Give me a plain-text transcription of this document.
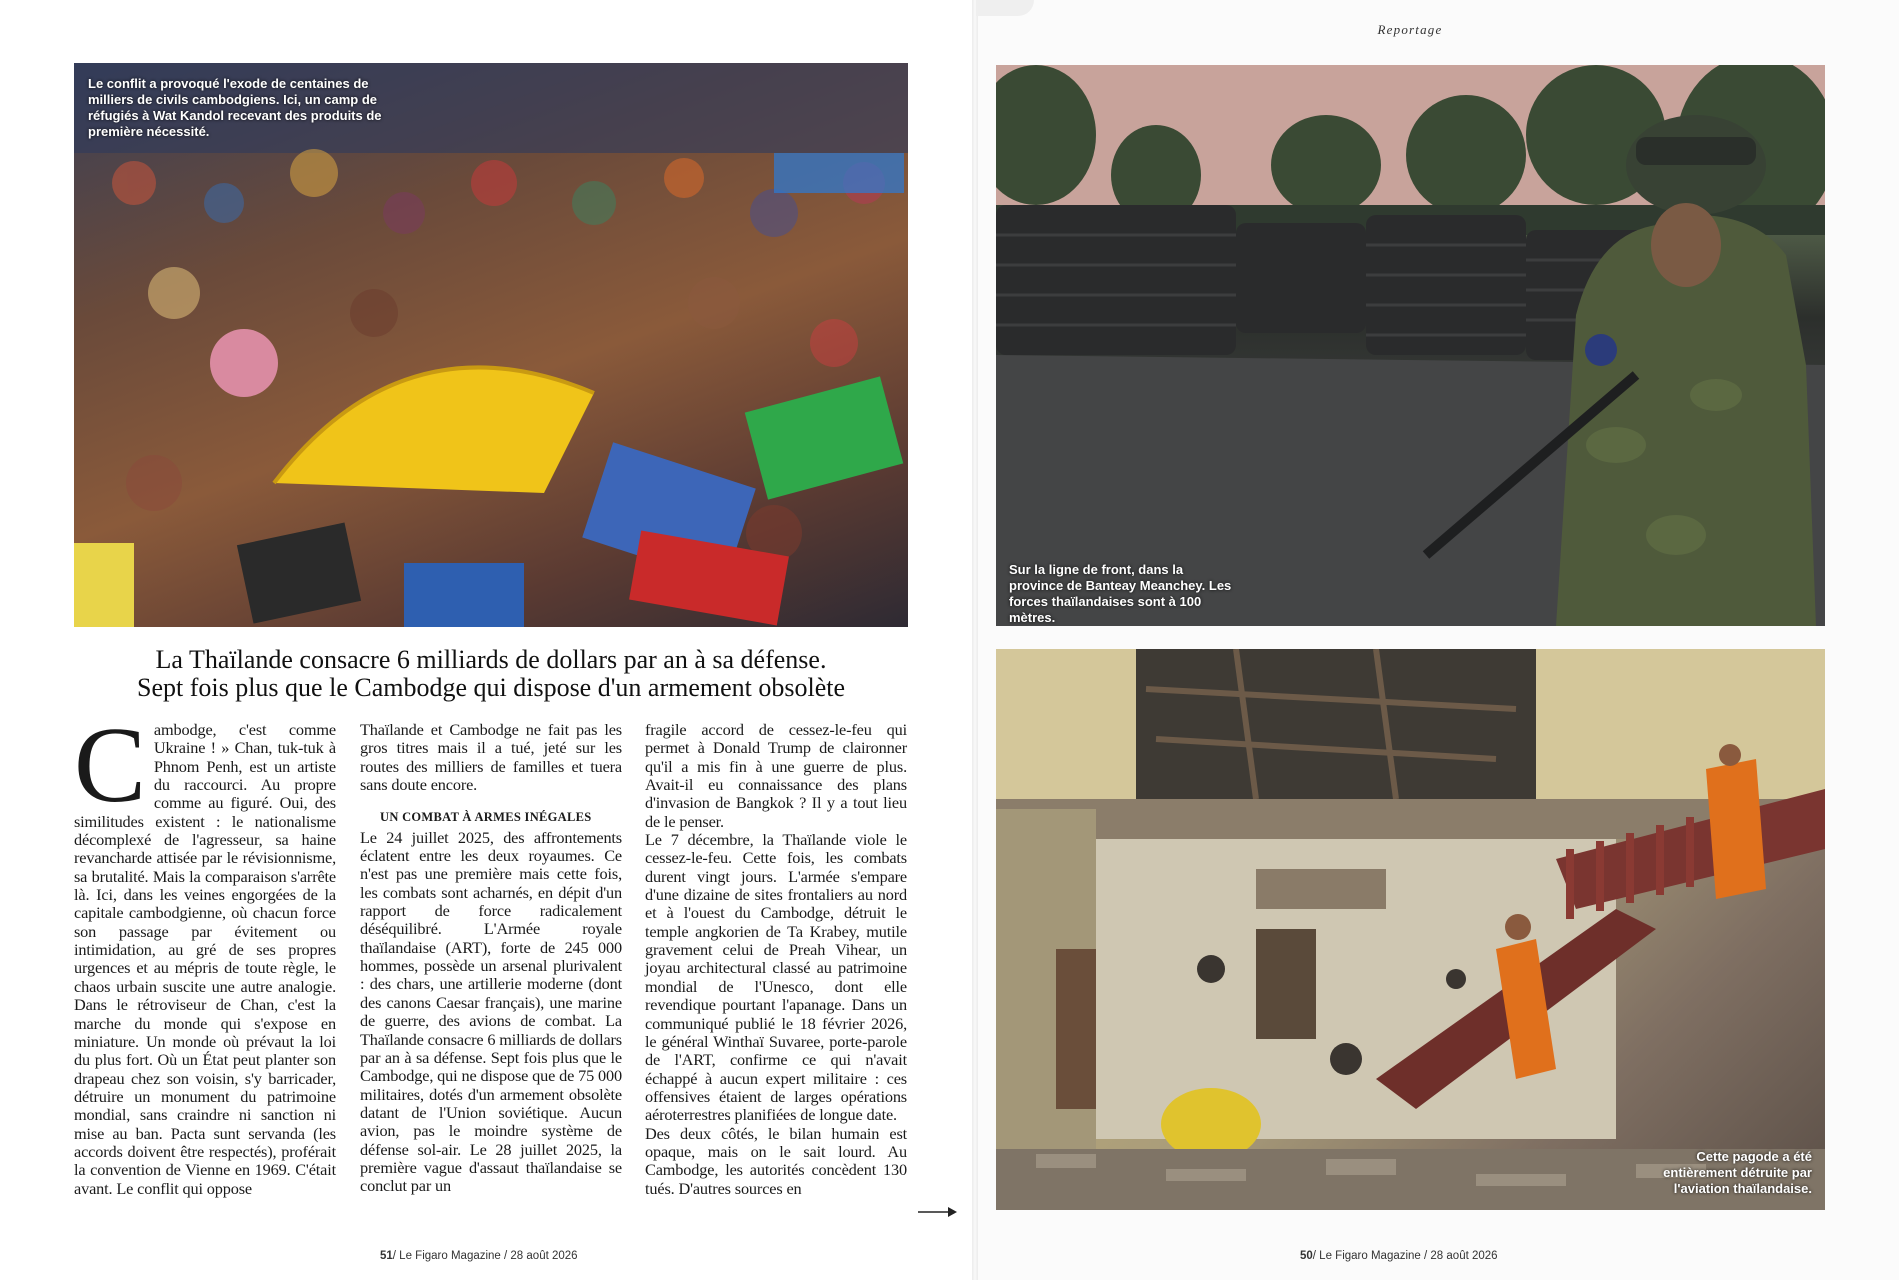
Le conflit a provoqué l'exode de centaines de milliers de civils cambodgiens. Ici, un camp de réfugiés à Wat Kandol recevant des produits de première nécessité.
Reportage
Sur la ligne de front, dans la province de Banteay Meanchey. Les forces thaïlandaises sont à 100 mètres.
Cette pagode a été entièrement détruite par l'aviation thaïlandaise.
La Thaïlande consacre 6 milliards de dollars par an à sa défense.
Sept fois plus que le Cambodge qui dispose d'un armement obsolète
C ambodge, c'est comme Ukraine ! » Chan, tuk-tuk à Phnom Penh, est un artiste du raccourci. Au propre comme au figuré. Oui, des similitudes existent : le nationalisme décomplexé de l'agresseur, sa haine revancharde attisée par le révisionnisme, sa brutalité. Mais la comparaison s'arrête là. Ici, dans les veines engorgées de la capitale cambodgienne, où chacun force son passage par évitement ou intimidation, au gré de ses propres urgences et au mépris de toute règle, le chaos urbain suscite une autre analogie. Dans le rétroviseur de Chan, c'est la marche du monde qui s'expose en miniature. Un monde où prévaut la loi du plus fort. Où un État peut planter son drapeau chez son voisin, s'y barricader, détruire un monument du patrimoine mondial, sans craindre ni sanction ni mise au ban. Pacta sunt servanda (les accords doivent être respectés), proférait la convention de Vienne en 1969. C'était avant. Le conflit qui oppose

Thaïlande et Cambodge ne fait pas les gros titres mais il a tué, jeté sur les routes des milliers de familles et tuera sans doute encore.

UN COMBAT À ARMES INÉGALES

Le 24 juillet 2025, des affrontements éclatent entre les deux royaumes. Ce n'est pas une première mais cette fois, les combats sont acharnés, en dépit d'un rapport de force radicalement déséquilibré. L'Armée royale thaïlandaise (ART), forte de 245 000 hommes, possède un arsenal plurivalent : des chars, une artillerie moderne (dont des canons Caesar français), une marine de guerre, des avions de combat. La Thaïlande consacre 6 milliards de dollars par an à sa défense. Sept fois plus que le Cambodge, qui ne dispose que de 75 000 militaires, dotés d'un armement obsolète datant de l'Union soviétique. Aucun avion, pas le moindre système de défense sol-air. Le 28 juillet 2025, la première vague d'assaut thaïlandaise se conclut par un

fragile accord de cessez-le-feu qui permet à Donald Trump de claironner qu'il a mis fin à une guerre de plus. Avait-il eu connaissance des plans d'invasion de Bangkok ? Il y a tout lieu de le penser.

Le 7 décembre, la Thaïlande viole le cessez-le-feu. Cette fois, les combats durent vingt jours. L'armée s'empare d'une dizaine de sites frontaliers au nord et à l'ouest du Cambodge, détruit le temple angkorien de Ta Krabey, mutile gravement celui de Preah Vihear, un joyau architectural classé au patrimoine mondial de l'Unesco, dont elle revendique pourtant l'apanage. Dans un communiqué publié le 18 février 2026, le général Winthaï Suvaree, porte-parole de l'ART, confirme ce qui n'avait échappé à aucun expert militaire : ces offensives étaient de larges opérations aéroterrestres planifiées de longue date.

Des deux côtés, le bilan humain est opaque, mais on le sait lourd. Au Cambodge, les autorités concèdent 130 tués. D'autres sources en

51/ Le Figaro Magazine / 28 août 2026	50/ Le Figaro Magazine / 28 août 2026
